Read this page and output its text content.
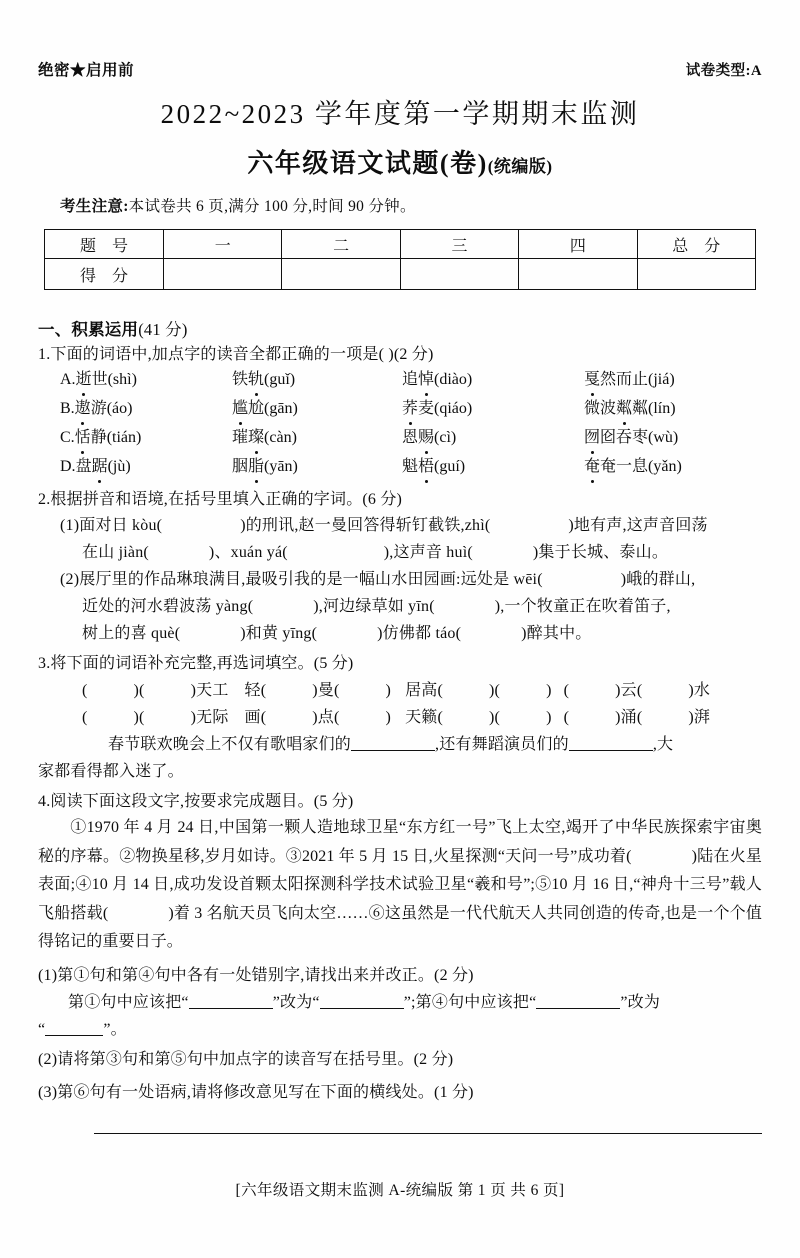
绝密★启用前	试卷类型:A
2022~2023 学年度第一学期期末监测
六年级语文试题(卷)(统编版)
考生注意:本试卷共 6 页,满分 100 分,时间 90 分钟。
题 号	一	二	三	四	总 分
得 分					
一、积累运用(41 分)
1.下面的词语中,加点字的读音全都正确的一项是( )(2 分)
A.逝世(shì)	铁轨(guǐ)	追悼(diào)	戛然而止(jiá)
B.遨游(áo)	尴尬(gān)	荞麦(qiáo)	微波粼粼(lín)
C.恬静(tián)	璀璨(càn)	恩赐(cì)	囫囵吞枣(wù)
D.盘踞(jù)	胭脂(yān)	魁梧(guí)	奄奄一息(yǎn)
2.根据拼音和语境,在括号里填入正确的字词。(6 分)
(1)面对日 kòu(	)的刑讯,赵一曼回答得斩钉截铁,zhì(	)地有声,这声音回荡
在山 jiàn(	)、xuán yá(	),这声音 huì(	)集于长城、泰山。
(2)展厅里的作品琳琅满目,最吸引我的是一幅山水田园画:远处是 wēi(	)峨的群山,
近处的河水碧波荡 yàng(	),河边绿草如 yīn(	),一个牧童正在吹着笛子,
树上的喜 què(	)和黄 yīng(	)仿佛都 táo(	)醉其中。
3.将下面的词语补充完整,再选词填空。(5 分)
(	)(	)天工 轻(	)曼(	) 居高(	)(	) (	)云(	)水
(	)(	)无际 画(	)点(	) 天籁(	)(	) (	)涌(	)湃
春节联欢晚会上不仅有歌唱家们的	,还有舞蹈演员们的	,大
家都看得都入迷了。
4.阅读下面这段文字,按要求完成题目。(5 分)
①1970 年 4 月 24 日,中国第一颗人造地球卫星“东方红一号”飞上太空,竭开了中华民族探索宇宙奥秘的序幕。②物换星移,岁月如诗。③2021 年 5 月 15 日,火星探测“天问一号”成功着(	)陆在火星表面;④10 月 14 日,成功发设首颗太阳探测科学技术试验卫星“羲和号”;⑤10 月 16 日,“神舟十三号”载人飞船搭载(	)着 3 名航天员飞向太空……⑥这虽然是一代代航天人共同创造的传奇,也是一个个值得铭记的重要日子。
(1)第①句和第④句中各有一处错别字,请找出来并改正。(2 分)
第①句中应该把“	”改为“	”;第④句中应该把“	”改为
“	”。
(2)请将第③句和第⑤句中加点字的读音写在括号里。(2 分)
(3)第⑥句有一处语病,请将修改意见写在下面的横线处。(1 分)
[六年级语文期末监测 A-统编版 第 1 页 共 6 页]
